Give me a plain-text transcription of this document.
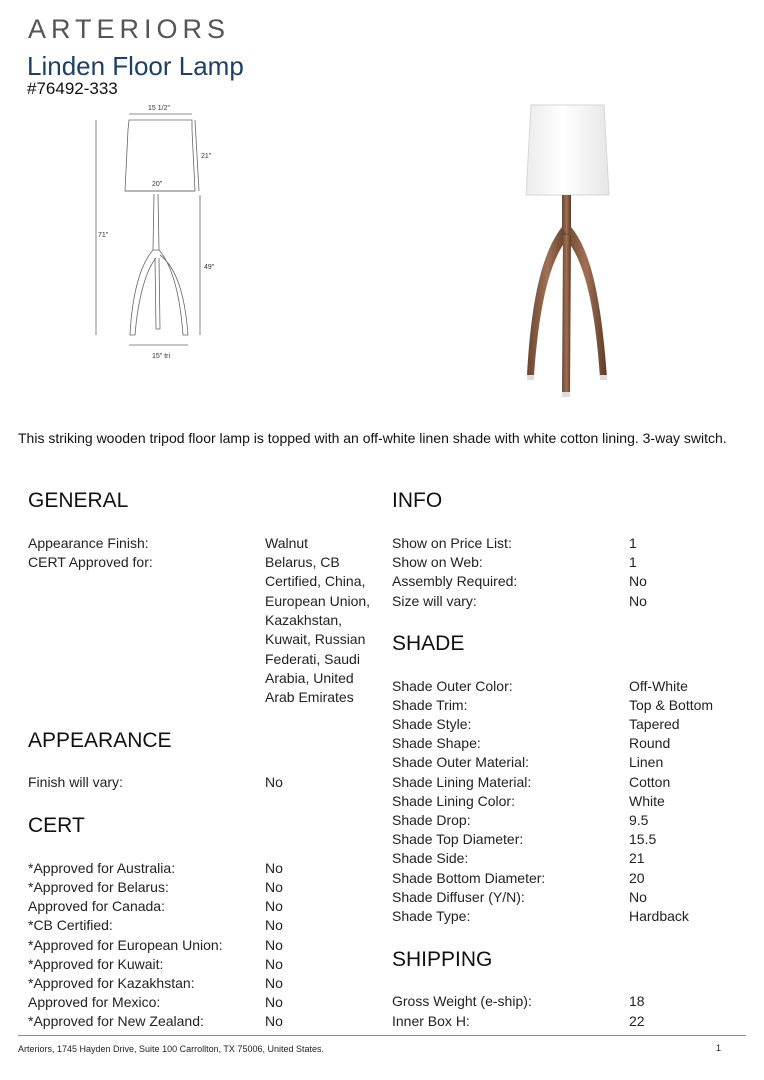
ARTERIORS
Linden Floor Lamp
#76492-333
15 1/2"
20"
21"
71"
49"
15" tri
This striking wooden tripod floor lamp is topped with an off-white linen shade with white cotton lining. 3-way switch.
GENERAL
Appearance Finish:	Walnut
CERT Approved for:	Belarus, CB
Certified, China,
European Union,
Kazakhstan,
Kuwait, Russian
Federati, Saudi
Arabia, United
Arab Emirates
APPEARANCE
Finish will vary:	No
CERT
*Approved for Australia:	No
*Approved for Belarus:	No
Approved for Canada:	No
*CB Certified:	No
*Approved for European Union:	No
*Approved for Kuwait:	No
*Approved for Kazakhstan:	No
Approved for Mexico:	No
*Approved for New Zealand:	No
INFO
Show on Price List:	1
Show on Web:	1
Assembly Required:	No
Size will vary:	No
SHADE
Shade Outer Color:	Off-White
Shade Trim:	Top & Bottom
Shade Style:	Tapered
Shade Shape:	Round
Shade Outer Material:	Linen
Shade Lining Material:	Cotton
Shade Lining Color:	White
Shade Drop:	9.5
Shade Top Diameter:	15.5
Shade Side:	21
Shade Bottom Diameter:	20
Shade Diffuser (Y/N):	No
Shade Type:	Hardback
SHIPPING
Gross Weight (e-ship):	18
Inner Box H:	22
Arteriors, 1745 Hayden Drive, Suite 100 Carrollton, TX 75006, United States.	1
